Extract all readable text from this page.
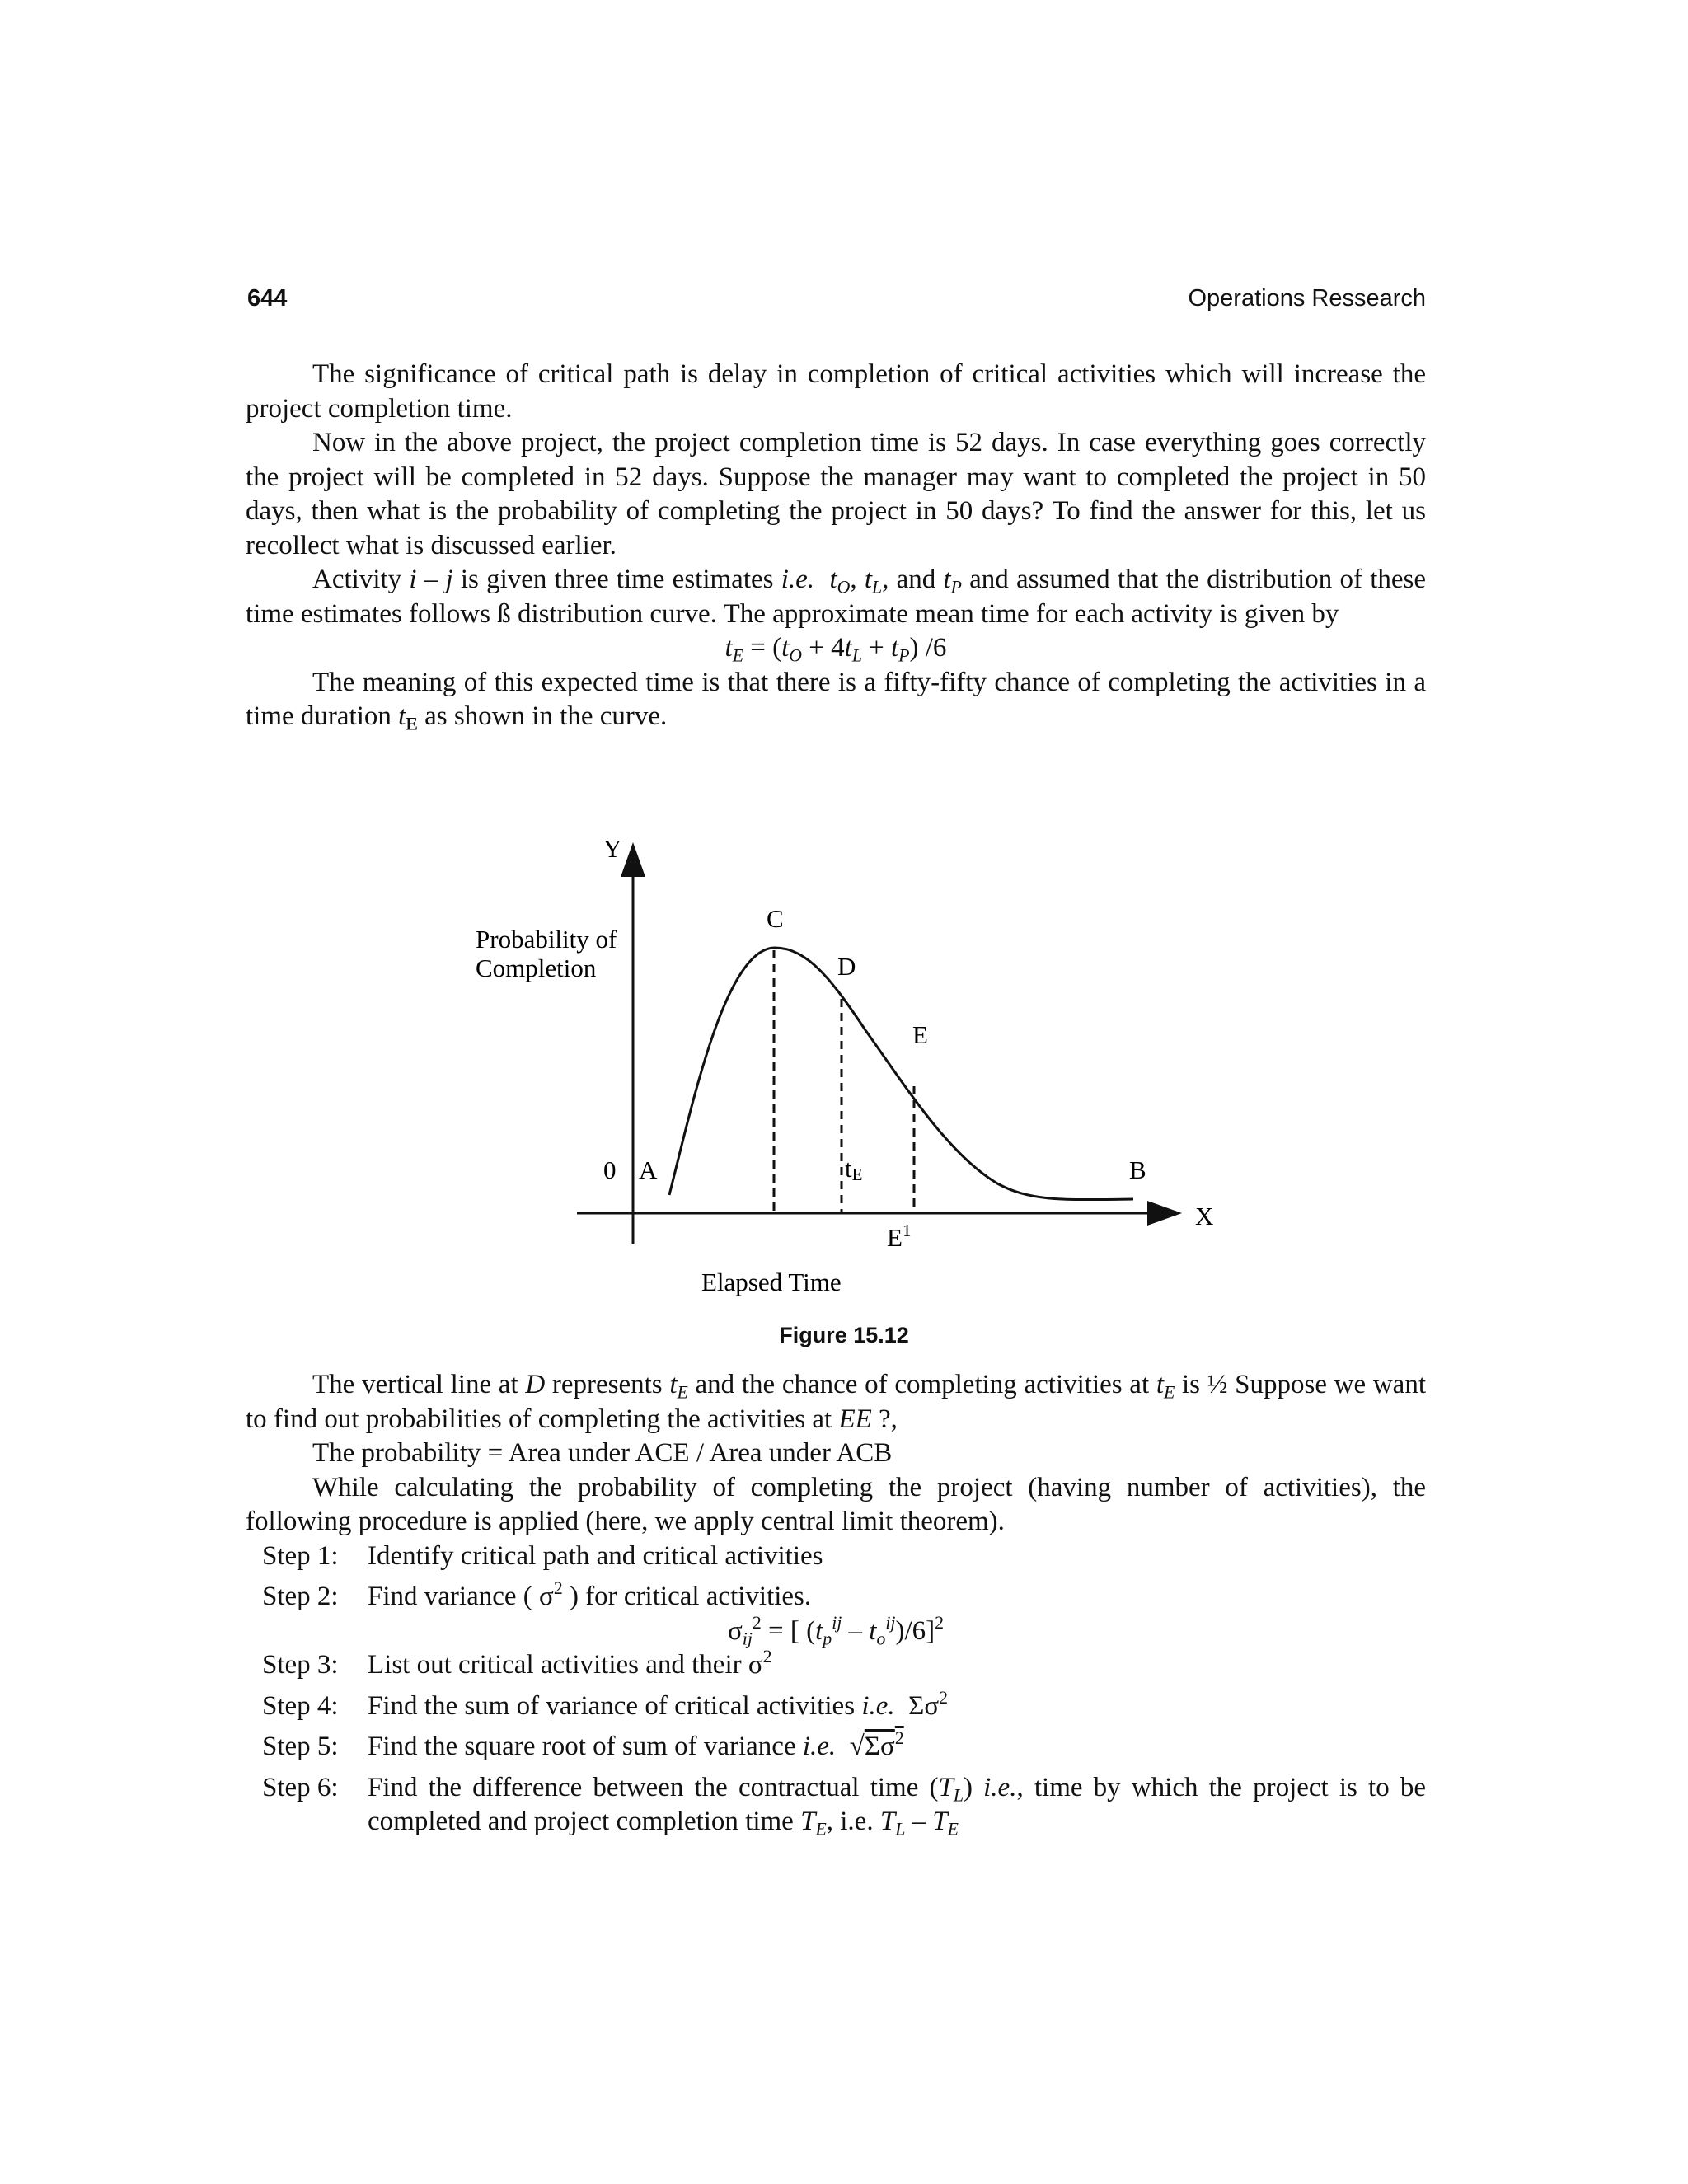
644	Operations Ressearch

The significance of critical path is delay in completion of critical activities which will increase the project completion time.

Now in the above project, the project completion time is 52 days. In case everything goes correctly the project will be completed in 52 days. Suppose the manager may want to completed the project in 50 days, then what is the probability of completing the project in 50 days? To find the answer for this, let us recollect what is discussed earlier.

Activity i – j is given three time estimates i.e. $t_O$, $t_L$, and $t_P$ and assumed that the distribution of these time estimates follows ß distribution curve. The approximate mean time for each activity is given by

$t_E = (t_O + 4t_L + t_P)$ /6

The meaning of this expected time is that there is a fifty-fifty chance of completing the activities in a time duration $t_E$ as shown in the curve.

Y
X
Probability of
Completion
Elapsed Time
0 A	B
C
D
E
tE
$E^1$
Figure 15.12

The vertical line at D represents $t_E$ and the chance of completing activities at $t_E$ is ½ Suppose we want to find out probabilities of completing the activities at EE ?,

The probability = Area under ACE / Area under ACB

While calculating the probability of completing the project (having number of activities), the following procedure is applied (here, we apply central limit theorem).

Step 1:	Identify critical path and critical activities
Step 2:	Find variance ( $\sigma^2$ ) for critical activities.

$\sigma_{ij}^2$ = [ $(t_p^{ij} - t_o^{ij})/6]^2$

Step 3:	List out critical activities and their $\sigma^2$
Step 4:	Find the sum of variance of critical activities i.e.  $\Sigma\sigma^2$
Step 5:	Find the square root of sum of variance i.e.  $√\Sigma\sigma^2$
Step 6:	Find the difference between the contractual time $(T_L)$ i.e., time by which the project is to be completed and project completion time $T_E$, i.e. $T_L - T_E$
